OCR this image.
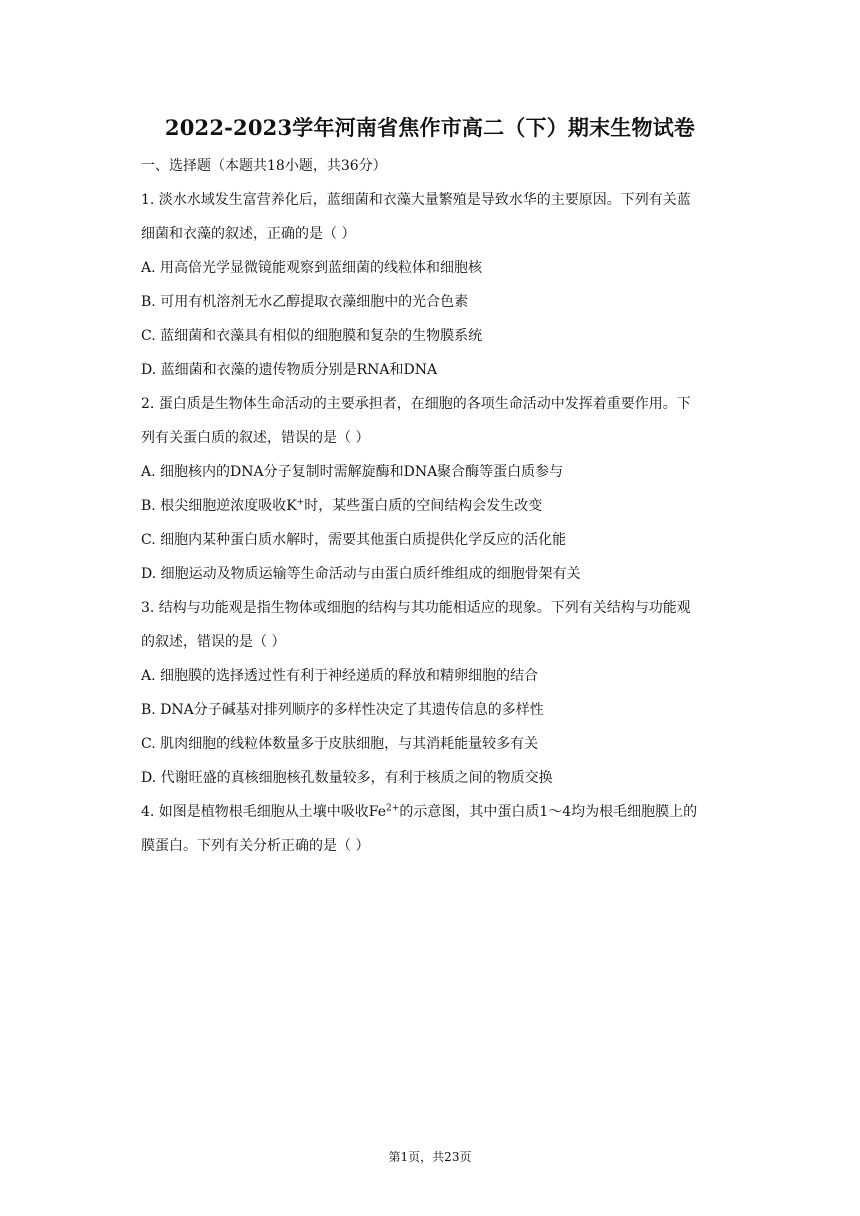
2022-2023学年河南省焦作市高二（下）期末生物试卷
一、选择题（本题共18小题，共36分）
1. 淡水水域发生富营养化后，蓝细菌和衣藻大量繁殖是导致水华的主要原因。下列有关蓝
细菌和衣藻的叙述，正确的是（ ）
A. 用高倍光学显微镜能观察到蓝细菌的线粒体和细胞核
B. 可用有机溶剂无水乙醇提取衣藻细胞中的光合色素
C. 蓝细菌和衣藻具有相似的细胞膜和复杂的生物膜系统
D. 蓝细菌和衣藻的遗传物质分别是RNA和DNA
2. 蛋白质是生物体生命活动的主要承担者，在细胞的各项生命活动中发挥着重要作用。下
列有关蛋白质的叙述，错误的是（ ）
A. 细胞核内的DNA分子复制时需解旋酶和DNA聚合酶等蛋白质参与
B. 根尖细胞逆浓度吸收K+时，某些蛋白质的空间结构会发生改变
C. 细胞内某种蛋白质水解时，需要其他蛋白质提供化学反应的活化能
D. 细胞运动及物质运输等生命活动与由蛋白质纤维组成的细胞骨架有关
3. 结构与功能观是指生物体或细胞的结构与其功能相适应的现象。下列有关结构与功能观
的叙述，错误的是（ ）
A. 细胞膜的选择透过性有利于神经递质的释放和精卵细胞的结合
B. DNA分子碱基对排列顺序的多样性决定了其遗传信息的多样性
C. 肌肉细胞的线粒体数量多于皮肤细胞，与其消耗能量较多有关
D. 代谢旺盛的真核细胞核孔数量较多，有利于核质之间的物质交换
4. 如图是植物根毛细胞从土壤中吸收$Fe^{2+}$的示意图，其中蛋白质1～4均为根毛细胞膜上的
膜蛋白。下列有关分析正确的是（ ）
第1页，共23页
